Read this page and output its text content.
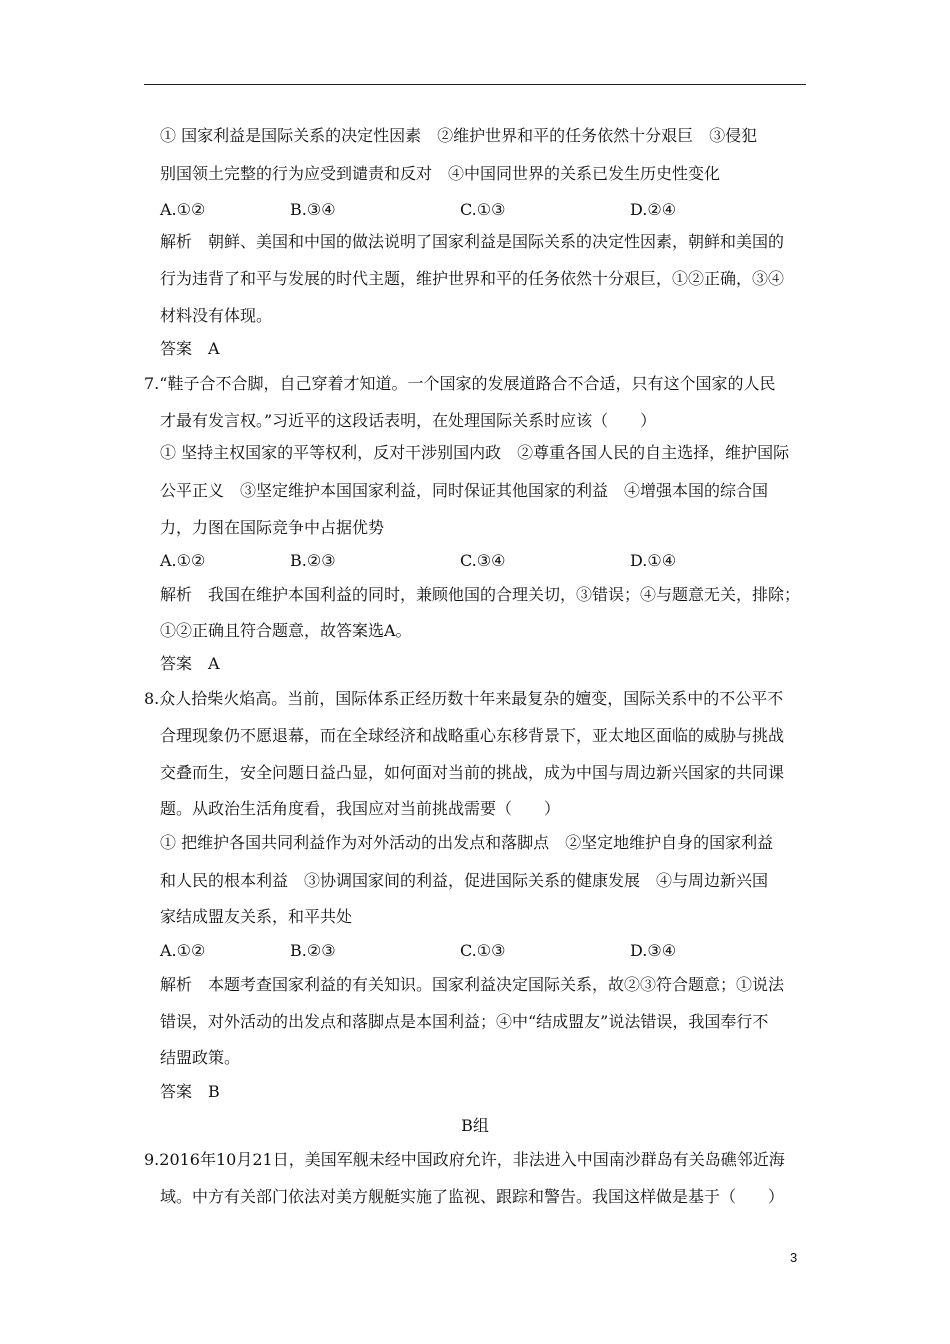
① 国家利益是国际关系的决定性因素　②维护世界和平的任务依然十分艰巨　③侵犯
别国领土完整的行为应受到谴责和反对　④中国同世界的关系已发生历史性变化
A.①②	B.③④	C.①③	D.②④
解析　朝鲜、美国和中国的做法说明了国家利益是国际关系的决定性因素，朝鲜和美国的
行为违背了和平与发展的时代主题，维护世界和平的任务依然十分艰巨，①②正确，③④
材料没有体现。
答案　A
7.“鞋子合不合脚，自己穿着才知道。一个国家的发展道路合不合适，只有这个国家的人民
才最有发言权。”习近平的这段话表明，在处理国际关系时应该（　　）
① 坚持主权国家的平等权利，反对干涉别国内政　②尊重各国人民的自主选择，维护国际
公平正义　③坚定维护本国国家利益，同时保证其他国家的利益　④增强本国的综合国
力，力图在国际竞争中占据优势
A.①②	B.②③	C.③④	D.①④
解析　我国在维护本国利益的同时，兼顾他国的合理关切，③错误；④与题意无关，排除；
①②正确且符合题意，故答案选A。
答案　A
8.众人拾柴火焰高。当前，国际体系正经历数十年来最复杂的嬗变，国际关系中的不公平不
合理现象仍不愿退幕，而在全球经济和战略重心东移背景下，亚太地区面临的威胁与挑战
交叠而生，安全问题日益凸显，如何面对当前的挑战，成为中国与周边新兴国家的共同课
题。从政治生活角度看，我国应对当前挑战需要（　　）
① 把维护各国共同利益作为对外活动的出发点和落脚点　②坚定地维护自身的国家利益
和人民的根本利益　③协调国家间的利益，促进国际关系的健康发展　④与周边新兴国
家结成盟友关系，和平共处
A.①②	B.②③	C.①③	D.③④
解析　本题考查国家利益的有关知识。国家利益决定国际关系，故②③符合题意；①说法
错误，对外活动的出发点和落脚点是本国利益；④中“结成盟友”说法错误，我国奉行不
结盟政策。
答案　B
B组
9.2016年10月21日，美国军舰未经中国政府允许，非法进入中国南沙群岛有关岛礁邻近海
域。中方有关部门依法对美方舰艇实施了监视、跟踪和警告。我国这样做是基于（　　）
3
